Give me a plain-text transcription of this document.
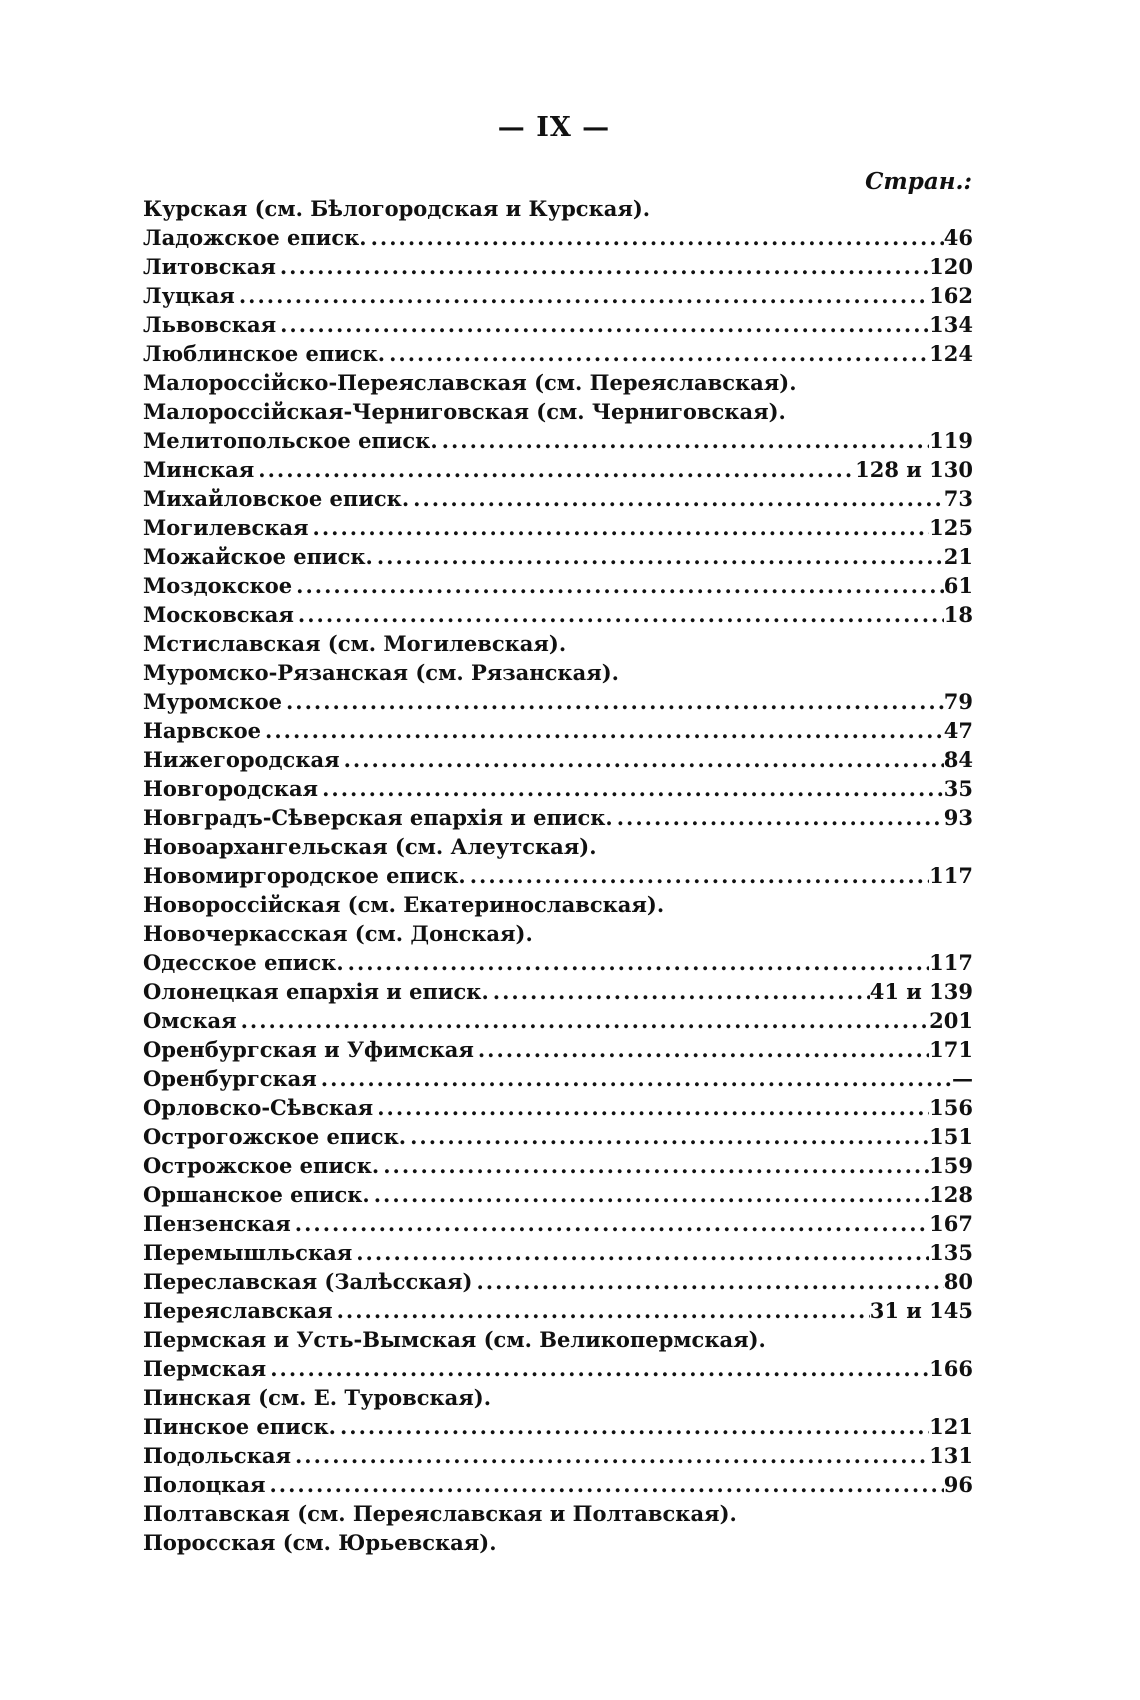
— IX —
Стран.:
Курская (см. Бѣлогородская и Курская).
Ладожское еписк. .....	46
Литовская .....	120
Луцкая .....	162
Львовская .....	134
Люблинское еписк. .....	124
Малороссійско-Переяславская (см. Переяславская).
Малороссійская-Черниговская (см. Черниговская).
Мелитопольское еписк. .....	119
Минская .....	128 и 130
Михайловское еписк. .....	73
Могилевская .....	125
Можайское еписк. .....	21
Моздокское .....	61
Московская .....	18
Мстиславская (см. Могилевская).
Муромско-Рязанская (см. Рязанская).
Муромское .....	79
Нарвское .....	47
Нижегородская .....	84
Новгородская .....	35
Новградъ-Сѣверская епархія и еписк. .....	93
Новоархангельская (см. Алеутская).
Новомиргородское еписк. .....	117
Новороссійская (см. Екатеринославская).
Новочеркасская (см. Донская).
Одесское еписк. .....	117
Олонецкая епархія и еписк. .....	41 и 139
Омская .....	201
Оренбургская и Уфимская .....	171
Оренбургская .....	—
Орловско-Сѣвская .....	156
Острогожское еписк. .....	151
Острожское еписк. .....	159
Оршанское еписк. .....	128
Пензенская .....	167
Перемышльская .....	135
Переславская (Залѣсская) .....	80
Переяславская .....	31 и 145
Пермская и Усть-Вымская (см. Великопермская).
Пермская .....	166
Пинская (см. Е. Туровская).
Пинское еписк. .....	121
Подольская .....	131
Полоцкая .....	96
Полтавская (см. Переяславская и Полтавская).
Поросская (см. Юрьевская).
